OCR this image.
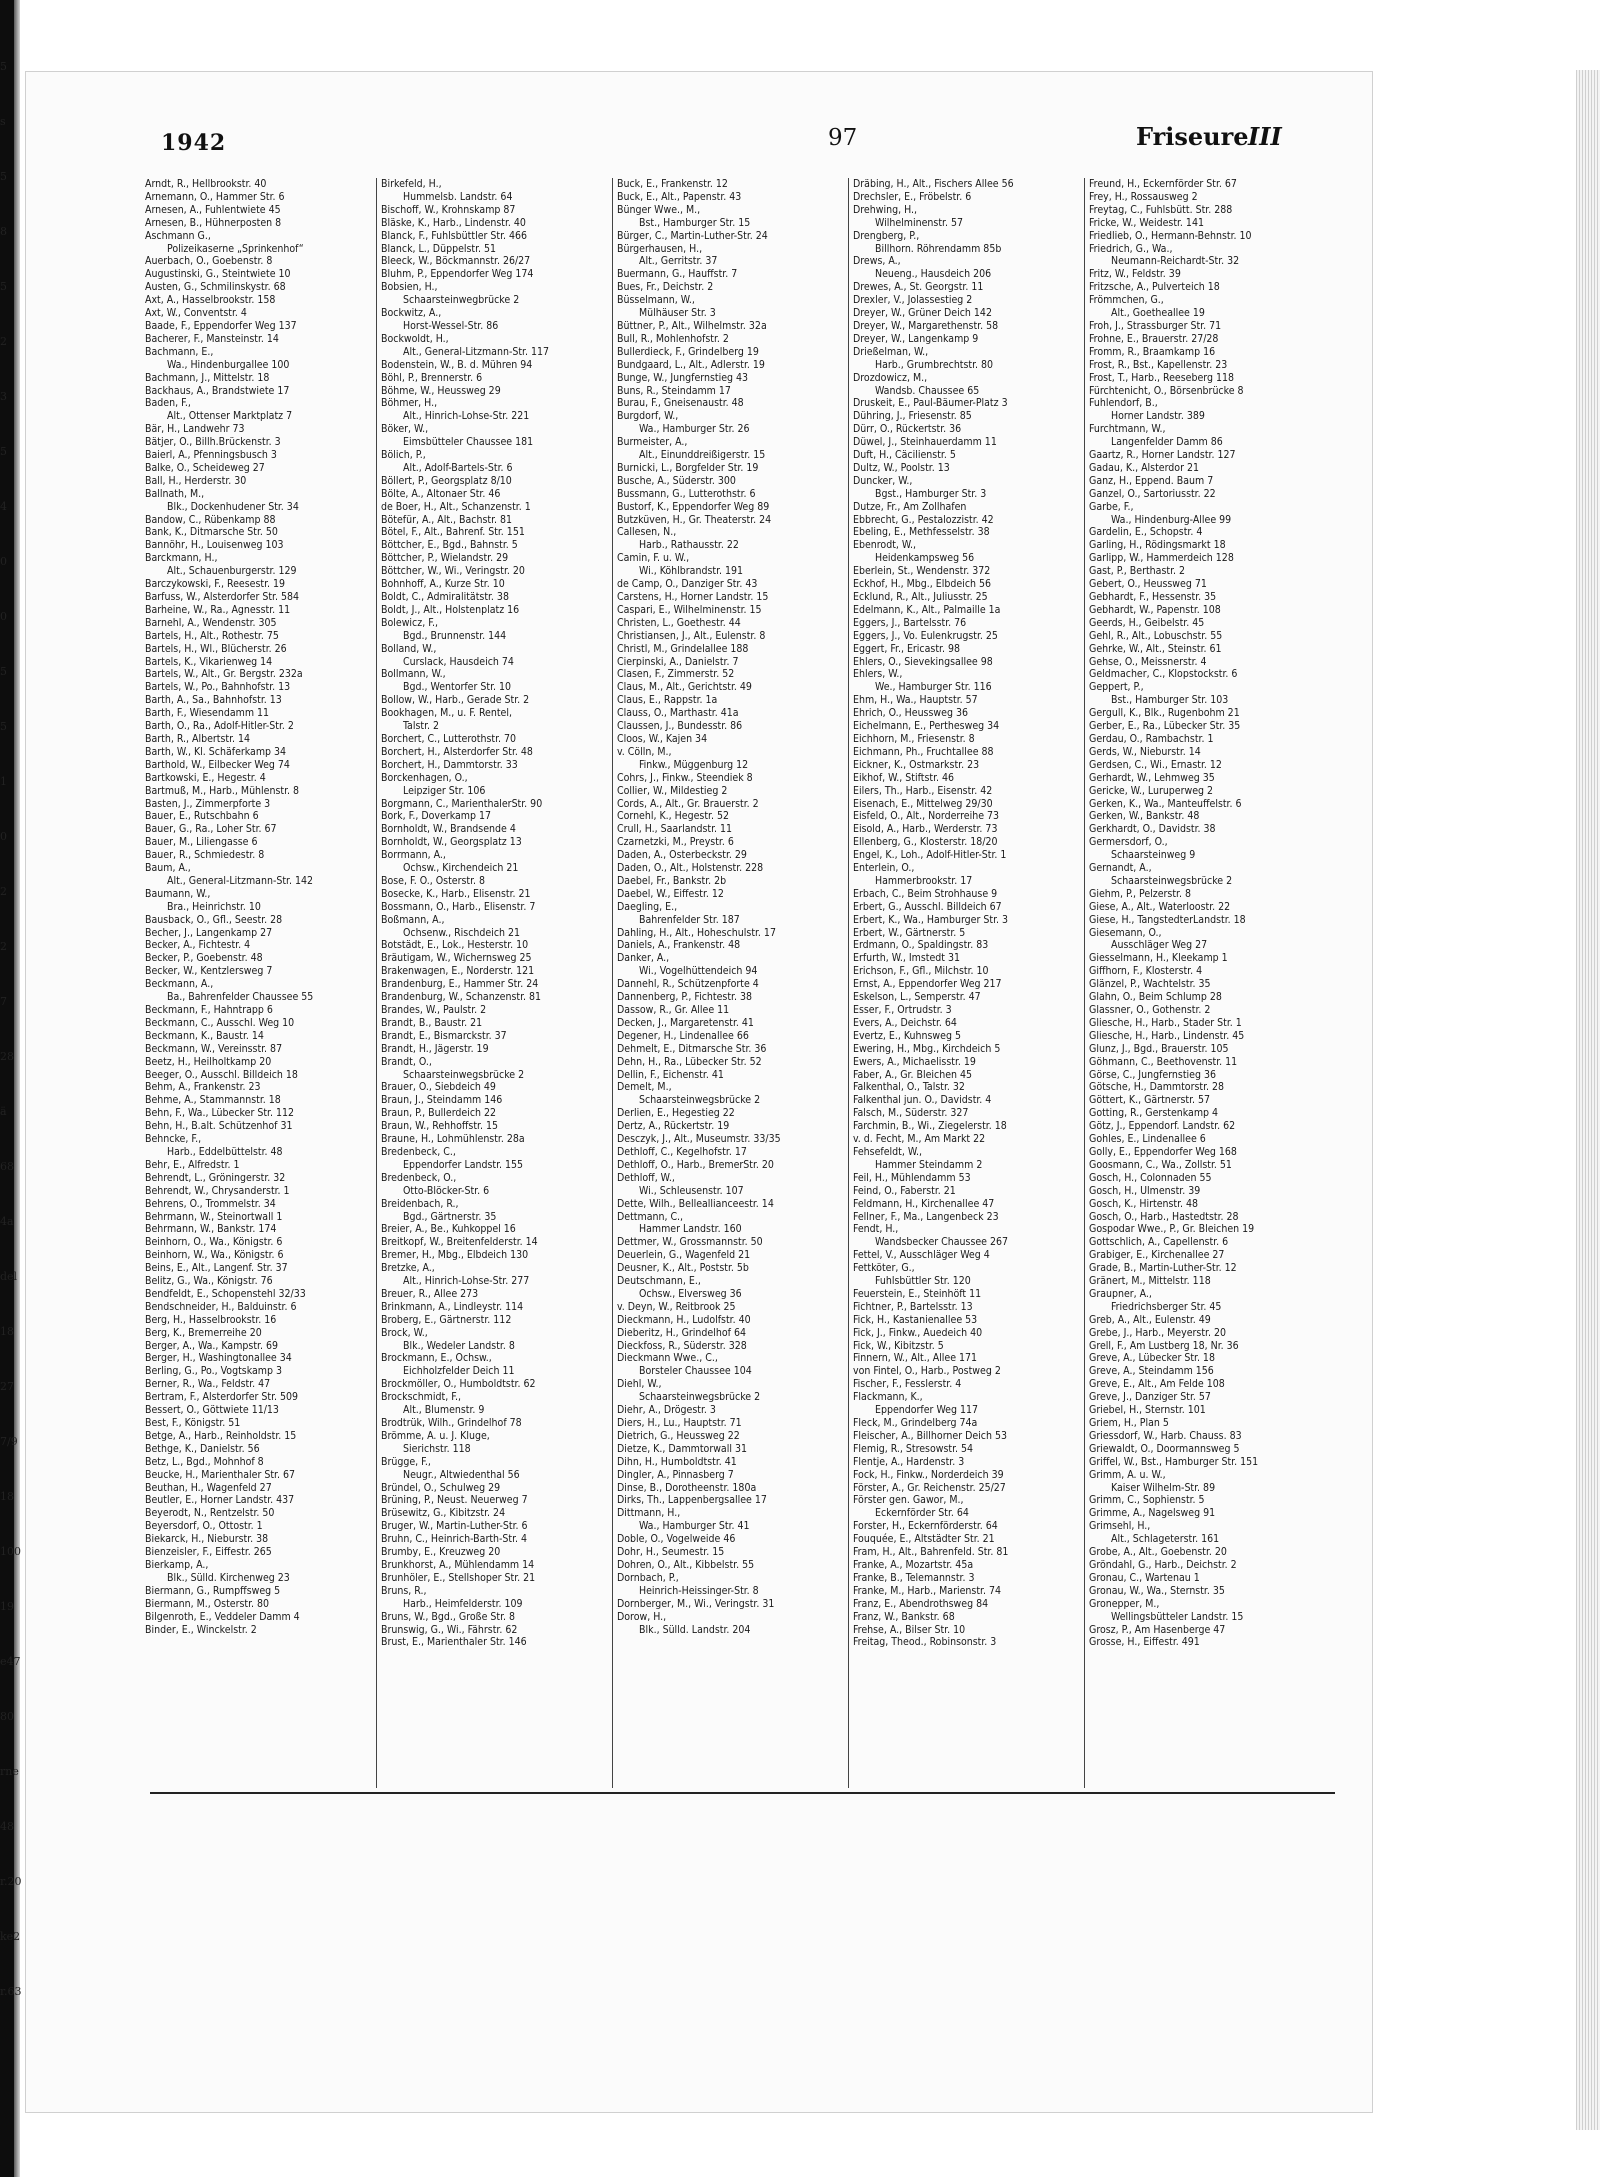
5
s
5
8
5
2
3
5
4
0
0
5
5
1
0
2
2
7
28
ä
68
4a
del
18
27
7/9
18
100
19
e47
80
rne
48
r.20
ke2
r.63
1942	97	Friseure III
Arndt, R., Hellbrookstr. 40
Arnemann, O., Hammer Str. 6
Arnesen, A., Fuhlentwiete 45
Arnesen, B., Hühnerposten 8
Aschmann G.,
Polizeikaserne „Sprinkenhof“
Auerbach, O., Goebenstr. 8
Augustinski, G., Steintwiete 10
Austen, G., Schmilinskystr. 68
Axt, A., Hasselbrookstr. 158
Axt, W., Conventstr. 4
Baade, F., Eppendorfer Weg 137
Bacherer, F., Mansteinstr. 14
Bachmann, E.,
Wa., Hindenburgallee 100
Bachmann, J., Mittelstr. 18
Backhaus, A., Brandstwiete 17
Baden, F.,
Alt., Ottenser Marktplatz 7
Bär, H., Landwehr 73
Bätjer, O., Billh.Brückenstr. 3
Baierl, A., Pfenningsbusch 3
Balke, O., Scheideweg 27
Ball, H., Herderstr. 30
Ballnath, M.,
Blk., Dockenhudener Str. 34
Bandow, C., Rübenkamp 88
Bank, K., Ditmarsche Str. 50
Bannöhr, H., Louisenweg 103
Barckmann, H.,
Alt., Schauenburgerstr. 129
Barczykowski, F., Reesestr. 19
Barfuss, W., Alsterdorfer Str. 584
Barheine, W., Ra., Agnesstr. 11
Barnehl, A., Wendenstr. 305
Bartels, H., Alt., Rothestr. 75
Bartels, H., Wl., Blücherstr. 26
Bartels, K., Vikarienweg 14
Bartels, W., Alt., Gr. Bergstr. 232a
Bartels, W., Po., Bahnhofstr. 13
Barth, A., Sa., Bahnhofstr. 13
Barth, F., Wiesendamm 11
Barth, O., Ra., Adolf-Hitler-Str. 2
Barth, R., Albertstr. 14
Barth, W., Kl. Schäferkamp 34
Barthold, W., Eilbecker Weg 74
Bartkowski, E., Hegestr. 4
Bartmuß, M., Harb., Mühlenstr. 8
Basten, J., Zimmerpforte 3
Bauer, E., Rutschbahn 6
Bauer, G., Ra., Loher Str. 67
Bauer, M., Liliengasse 6
Bauer, R., Schmiedestr. 8
Baum, A.,
Alt., General-Litzmann-Str. 142
Baumann, W.,
Bra., Heinrichstr. 10
Bausback, O., Gfl., Seestr. 28
Becher, J., Langenkamp 27
Becker, A., Fichtestr. 4
Becker, P., Goebenstr. 48
Becker, W., Kentzlersweg 7
Beckmann, A.,
Ba., Bahrenfelder Chaussee 55
Beckmann, F., Hahntrapp 6
Beckmann, C., Ausschl. Weg 10
Beckmann, K., Baustr. 14
Beckmann, W., Vereinsstr. 87
Beetz, H., Heilholtkamp 20
Beeger, O., Ausschl. Billdeich 18
Behm, A., Frankenstr. 23
Behme, A., Stammannstr. 18
Behn, F., Wa., Lübecker Str. 112
Behn, H., B.alt. Schützenhof 31
Behncke, F.,
Harb., Eddelbüttelstr. 48
Behr, E., Alfredstr. 1
Behrendt, L., Gröningerstr. 32
Behrendt, W., Chrysanderstr. 1
Behrens, O., Trommelstr. 34
Behrmann, W., Steinortwall 1
Behrmann, W., Bankstr. 174
Beinhorn, O., Wa., Königstr. 6
Beinhorn, W., Wa., Königstr. 6
Beins, E., Alt., Langenf. Str. 37
Belitz, G., Wa., Königstr. 76
Bendfeldt, E., Schopenstehl 32/33
Bendschneider, H., Balduinstr. 6
Berg, H., Hasselbrookstr. 16
Berg, K., Bremerreihe 20
Berger, A., Wa., Kampstr. 69
Berger, H., Washingtonallee 34
Berling, G., Po., Vogtskamp 3
Berner, R., Wa., Feldstr. 47
Bertram, F., Alsterdorfer Str. 509
Bessert, O., Göttwiete 11/13
Best, F., Königstr. 51
Betge, A., Harb., Reinholdstr. 15
Bethge, K., Danielstr. 56
Betz, L., Bgd., Mohnhof 8
Beucke, H., Marienthaler Str. 67
Beuthan, H., Wagenfeld 27
Beutler, E., Horner Landstr. 437
Beyerodt, N., Rentzelstr. 50
Beyersdorf, O., Ottostr. 1
Biekarck, H., Nieburstr. 38
Bienzeisler, F., Eiffestr. 265
Bierkamp, A.,
Blk., Sülld. Kirchenweg 23
Biermann, G., Rumpffsweg 5
Biermann, M., Osterstr. 80
Bilgenroth, E., Veddeler Damm 4
Binder, E., Winckelstr. 2
Birkefeld, H.,
Hummelsb. Landstr. 64
Bischoff, W., Krohnskamp 87
Bläske, K., Harb., Lindenstr. 40
Blanck, F., Fuhlsbüttler Str. 466
Blanck, L., Düppelstr. 51
Bleeck, W., Böckmannstr. 26/27
Bluhm, P., Eppendorfer Weg 174
Bobsien, H.,
Schaarsteinwegbrücke 2
Bockwitz, A.,
Horst-Wessel-Str. 86
Bockwoldt, H.,
Alt., General-Litzmann-Str. 117
Bodenstein, W., B. d. Mühren 94
Böhl, P., Brennerstr. 6
Böhme, W., Heussweg 29
Böhmer, H.,
Alt., Hinrich-Lohse-Str. 221
Böker, W.,
Eimsbütteler Chaussee 181
Bölich, P.,
Alt., Adolf-Bartels-Str. 6
Böllert, P., Georgsplatz 8/10
Bölte, A., Altonaer Str. 46
de Boer, H., Alt., Schanzenstr. 1
Bötefür, A., Alt., Bachstr. 81
Bötel, F., Alt., Bahrenf. Str. 151
Böttcher, E., Bgd., Bahnstr. 5
Böttcher, P., Wielandstr. 29
Böttcher, W., Wi., Veringstr. 20
Bohnhoff, A., Kurze Str. 10
Boldt, C., Admiralitätstr. 38
Boldt, J., Alt., Holstenplatz 16
Bolewicz, F.,
Bgd., Brunnenstr. 144
Bolland, W.,
Curslack, Hausdeich 74
Bollmann, W.,
Bgd., Wentorfer Str. 10
Bollow, W., Harb., Gerade Str. 2
Bookhagen, M., u. F. Rentel,
Talstr. 2
Borchert, C., Lutterothstr. 70
Borchert, H., Alsterdorfer Str. 48
Borchert, H., Dammtorstr. 33
Borckenhagen, O.,
Leipziger Str. 106
Borgmann, C., MarienthalerStr. 90
Bork, F., Doverkamp 17
Bornholdt, W., Brandsende 4
Bornholdt, W., Georgsplatz 13
Borrmann, A.,
Ochsw., Kirchendeich 21
Bose, F. O., Osterstr. 8
Bosecke, K., Harb., Elisenstr. 21
Bossmann, O., Harb., Elisenstr. 7
Boßmann, A.,
Ochsenw., Rischdeich 21
Botstädt, E., Lok., Hesterstr. 10
Bräutigam, W., Wichernsweg 25
Brakenwagen, E., Norderstr. 121
Brandenburg, E., Hammer Str. 24
Brandenburg, W., Schanzenstr. 81
Brandes, W., Paulstr. 2
Brandt, B., Baustr. 21
Brandt, E., Bismarckstr. 37
Brandt, H., Jägerstr. 19
Brandt, O.,
Schaarsteinwegsbrücke 2
Brauer, O., Siebdeich 49
Braun, J., Steindamm 146
Braun, P., Bullerdeich 22
Braun, W., Rehhoffstr. 15
Braune, H., Lohmühlenstr. 28a
Bredenbeck, C.,
Eppendorfer Landstr. 155
Bredenbeck, O.,
Otto-Blöcker-Str. 6
Breidenbach, R.,
Bgd., Gärtnerstr. 35
Breier, A., Be., Kuhkoppel 16
Breitkopf, W., Breitenfelderstr. 14
Bremer, H., Mbg., Elbdeich 130
Bretzke, A.,
Alt., Hinrich-Lohse-Str. 277
Breuer, R., Allee 273
Brinkmann, A., Lindleystr. 114
Broberg, E., Gärtnerstr. 112
Brock, W.,
Blk., Wedeler Landstr. 8
Brockmann, E., Ochsw.,
Eichholzfelder Deich 11
Brockmöller, O., Humboldtstr. 62
Brockschmidt, F.,
Alt., Blumenstr. 9
Brodtrük, Wilh., Grindelhof 78
Brömme, A. u. J. Kluge,
Sierichstr. 118
Brügge, F.,
Neugr., Altwiedenthal 56
Bründel, O., Schulweg 29
Brüning, P., Neust. Neuerweg 7
Brüsewitz, G., Kibitzstr. 24
Bruger, W., Martin-Luther-Str. 6
Bruhn, C., Heinrich-Barth-Str. 4
Brumby, E., Kreuzweg 20
Brunkhorst, A., Mühlendamm 14
Brunhöler, E., Stellshoper Str. 21
Bruns, R.,
Harb., Heimfelderstr. 109
Bruns, W., Bgd., Große Str. 8
Brunswig, G., Wi., Fährstr. 62
Brust, E., Marienthaler Str. 146
Buck, E., Frankenstr. 12
Buck, E., Alt., Papenstr. 43
Bünger Wwe., M.,
Bst., Hamburger Str. 15
Bürger, C., Martin-Luther-Str. 24
Bürgerhausen, H.,
Alt., Gerritstr. 37
Buermann, G., Hauffstr. 7
Bues, Fr., Deichstr. 2
Büsselmann, W.,
Mülhäuser Str. 3
Büttner, P., Alt., Wilhelmstr. 32a
Bull, R., Mohlenhofstr. 2
Bullerdieck, F., Grindelberg 19
Bundgaard, L., Alt., Adlerstr. 19
Bunge, W., Jungfernstieg 43
Buns, R., Steindamm 17
Burau, F., Gneisenaustr. 48
Burgdorf, W.,
Wa., Hamburger Str. 26
Burmeister, A.,
Alt., Einunddreißigerstr. 15
Burnicki, L., Borgfelder Str. 19
Busche, A., Süderstr. 300
Bussmann, G., Lutterothstr. 6
Bustorf, K., Eppendorfer Weg 89
Butzküven, H., Gr. Theaterstr. 24
Callesen, N.,
Harb., Rathausstr. 22
Camin, F. u. W.,
Wi., Köhlbrandstr. 191
de Camp, O., Danziger Str. 43
Carstens, H., Horner Landstr. 15
Caspari, E., Wilhelminenstr. 15
Christen, L., Goethestr. 44
Christiansen, J., Alt., Eulenstr. 8
Christl, M., Grindelallee 188
Cierpinski, A., Danielstr. 7
Clasen, F., Zimmerstr. 52
Claus, M., Alt., Gerichtstr. 49
Claus, E., Rappstr. 1a
Clauss, O., Marthastr. 41a
Claussen, J., Bundesstr. 86
Cloos, W., Kajen 34
v. Cölln, M.,
Finkw., Müggenburg 12
Cohrs, J., Finkw., Steendiek 8
Collier, W., Mildestieg 2
Cords, A., Alt., Gr. Brauerstr. 2
Cornehl, K., Hegestr. 52
Crull, H., Saarlandstr. 11
Czarnetzki, M., Preystr. 6
Daden, A., Osterbeckstr. 29
Daden, O., Alt., Holstenstr. 228
Daebel, Fr., Bankstr. 2b
Daebel, W., Eiffestr. 12
Daegling, E.,
Bahrenfelder Str. 187
Dahling, H., Alt., Hoheschulstr. 17
Daniels, A., Frankenstr. 48
Danker, A.,
Wi., Vogelhüttendeich 94
Dannehl, R., Schützenpforte 4
Dannenberg, P., Fichtestr. 38
Dassow, R., Gr. Allee 11
Decken, J., Margaretenstr. 41
Degener, H., Lindenallee 66
Dehmelt, E., Ditmarsche Str. 36
Dehn, H., Ra., Lübecker Str. 52
Dellin, F., Eichenstr. 41
Demelt, M.,
Schaarsteinwegsbrücke 2
Derlien, E., Hegestieg 22
Dertz, A., Rückertstr. 19
Desczyk, J., Alt., Museumstr. 33/35
Dethloff, C., Kegelhofstr. 17
Dethloff, O., Harb., BremerStr. 20
Dethloff, W.,
Wi., Schleusenstr. 107
Dette, Wilh., Belleallianceestr. 14
Dettmann, C.,
Hammer Landstr. 160
Dettmer, W., Grossmannstr. 50
Deuerlein, G., Wagenfeld 21
Deusner, K., Alt., Poststr. 5b
Deutschmann, E.,
Ochsw., Elversweg 36
v. Deyn, W., Reitbrook 25
Dieckmann, H., Ludolfstr. 40
Dieberitz, H., Grindelhof 64
Dieckfoss, R., Süderstr. 328
Dieckmann Wwe., C.,
Borsteler Chaussee 104
Diehl, W.,
Schaarsteinwegsbrücke 2
Diehr, A., Drögestr. 3
Diers, H., Lu., Hauptstr. 71
Dietrich, G., Heussweg 22
Dietze, K., Dammtorwall 31
Dihn, H., Humboldtstr. 41
Dingler, A., Pinnasberg 7
Dinse, B., Dorotheenstr. 180a
Dirks, Th., Lappenbergsallee 17
Dittmann, H.,
Wa., Hamburger Str. 41
Doble, O., Vogelweide 46
Dohr, H., Seumestr. 15
Dohren, O., Alt., Kibbelstr. 55
Dornbach, P.,
Heinrich-Heissinger-Str. 8
Dornberger, M., Wi., Veringstr. 31
Dorow, H.,
Blk., Sülld. Landstr. 204
Dräbing, H., Alt., Fischers Allee 56
Drechsler, E., Fröbelstr. 6
Drehwing, H.,
Wilhelminenstr. 57
Drengberg, P.,
Billhorn. Röhrendamm 85b
Drews, A.,
Neueng., Hausdeich 206
Drewes, A., St. Georgstr. 11
Drexler, V., Jolassestieg 2
Dreyer, W., Grüner Deich 142
Dreyer, W., Margarethenstr. 58
Dreyer, W., Langenkamp 9
Drießelman, W.,
Harb., Grumbrechtstr. 80
Drozdowicz, M.,
Wandsb. Chaussee 65
Druskeit, E., Paul-Bäumer-Platz 3
Dühring, J., Friesenstr. 85
Dürr, O., Rückertstr. 36
Düwel, J., Steinhauerdamm 11
Duft, H., Cäcilienstr. 5
Dultz, W., Poolstr. 13
Duncker, W.,
Bgst., Hamburger Str. 3
Dutze, Fr., Am Zollhafen
Ebbrecht, G., Pestalozzistr. 42
Ebeling, E., Methfesselstr. 38
Ebenrodt, W.,
Heidenkampsweg 56
Eberlein, St., Wendenstr. 372
Eckhof, H., Mbg., Elbdeich 56
Ecklund, R., Alt., Juliusstr. 25
Edelmann, K., Alt., Palmaille 1a
Eggers, J., Bartelsstr. 76
Eggers, J., Vo. Eulenkrugstr. 25
Eggert, Fr., Ericastr. 98
Ehlers, O., Sievekingsallee 98
Ehlers, W.,
We., Hamburger Str. 116
Ehm, H., Wa., Hauptstr. 57
Ehrich, O., Heussweg 36
Eichelmann, E., Perthesweg 34
Eichhorn, M., Friesenstr. 8
Eichmann, Ph., Fruchtallee 88
Eickner, K., Ostmarkstr. 23
Eikhof, W., Stiftstr. 46
Eilers, Th., Harb., Eisenstr. 42
Eisenach, E., Mittelweg 29/30
Eisfeld, O., Alt., Norderreihe 73
Eisold, A., Harb., Werderstr. 73
Ellenberg, G., Klosterstr. 18/20
Engel, K., Loh., Adolf-Hitler-Str. 1
Enterlein, O.,
Hammerbrookstr. 17
Erbach, C., Beim Strohhause 9
Erbert, G., Ausschl. Billdeich 67
Erbert, K., Wa., Hamburger Str. 3
Erbert, W., Gärtnerstr. 5
Erdmann, O., Spaldingstr. 83
Erfurth, W., Imstedt 31
Erichson, F., Gfl., Milchstr. 10
Ernst, A., Eppendorfer Weg 217
Eskelson, L., Semperstr. 47
Esser, F., Ortrudstr. 3
Evers, A., Deichstr. 64
Evertz, E., Kuhnsweg 5
Ewering, H., Mbg., Kirchdeich 5
Ewers, A., Michaelisstr. 19
Faber, A., Gr. Bleichen 45
Falkenthal, O., Talstr. 32
Falkenthal jun. O., Davidstr. 4
Falsch, M., Süderstr. 327
Farchmin, B., Wi., Ziegelerstr. 18
v. d. Fecht, M., Am Markt 22
Fehsefeldt, W.,
Hammer Steindamm 2
Feil, H., Mühlendamm 53
Feind, O., Faberstr. 21
Feldmann, H., Kirchenallee 47
Fellner, F., Ma., Langenbeck 23
Fendt, H.,
Wandsbecker Chaussee 267
Fettel, V., Ausschläger Weg 4
Fettköter, G.,
Fuhlsbüttler Str. 120
Feuerstein, E., Steinhöft 11
Fichtner, P., Bartelsstr. 13
Fick, H., Kastanienallee 53
Fick, J., Finkw., Auedeich 40
Fick, W., Kibitzstr. 5
Finnern, W., Alt., Allee 171
von Fintel, O., Harb., Postweg 2
Fischer, F., Fesslerstr. 4
Flackmann, K.,
Eppendorfer Weg 117
Fleck, M., Grindelberg 74a
Fleischer, A., Billhorner Deich 53
Flemig, R., Stresowstr. 54
Flentje, A., Hardenstr. 3
Fock, H., Finkw., Norderdeich 39
Förster, A., Gr. Reichenstr. 25/27
Förster gen. Gawor, M.,
Eckernförder Str. 64
Forster, H., Eckernförderstr. 64
Fouquée, E., Altstädter Str. 21
Fram, H., Alt., Bahrenfeld. Str. 81
Franke, A., Mozartstr. 45a
Franke, B., Telemannstr. 3
Franke, M., Harb., Marienstr. 74
Franz, E., Abendrothsweg 84
Franz, W., Bankstr. 68
Frehse, A., Bilser Str. 10
Freitag, Theod., Robinsonstr. 3
Freund, H., Eckernförder Str. 67
Frey, H., Rossausweg 2
Freytag, C., Fuhlsbütt. Str. 288
Fricke, W., Weidestr. 141
Friedlieb, O., Hermann-Behnstr. 10
Friedrich, G., Wa.,
Neumann-Reichardt-Str. 32
Fritz, W., Feldstr. 39
Fritzsche, A., Pulverteich 18
Frömmchen, G.,
Alt., Goetheallee 19
Froh, J., Strassburger Str. 71
Frohne, E., Brauerstr. 27/28
Fromm, R., Braamkamp 16
Frost, R., Bst., Kapellenstr. 23
Frost, T., Harb., Reeseberg 118
Fürchtenicht, O., Börsenbrücke 8
Fuhlendorf, B.,
Horner Landstr. 389
Furchtmann, W.,
Langenfelder Damm 86
Gaartz, R., Horner Landstr. 127
Gadau, K., Alsterdor 21
Ganz, H., Eppend. Baum 7
Ganzel, O., Sartoriusstr. 22
Garbe, F.,
Wa., Hindenburg-Allee 99
Gardelin, E., Schopstr. 4
Garling, H., Rödingsmarkt 18
Garlipp, W., Hammerdeich 128
Gast, P., Berthastr. 2
Gebert, O., Heussweg 71
Gebhardt, F., Hessenstr. 35
Gebhardt, W., Papenstr. 108
Geerds, H., Geibelstr. 45
Gehl, R., Alt., Lobuschstr. 55
Gehrke, W., Alt., Steinstr. 61
Gehse, O., Meissnerstr. 4
Geldmacher, C., Klopstockstr. 6
Geppert, P.,
Bst., Hamburger Str. 103
Gergull, K., Blk., Rugenbohm 21
Gerber, E., Ra., Lübecker Str. 35
Gerdau, O., Rambachstr. 1
Gerds, W., Nieburstr. 14
Gerdsen, C., Wi., Ernastr. 12
Gerhardt, W., Lehmweg 35
Gericke, W., Luruperweg 2
Gerken, K., Wa., Manteuffelstr. 6
Gerken, W., Bankstr. 48
Gerkhardt, O., Davidstr. 38
Germersdorf, O.,
Schaarsteinweg 9
Gernandt, A.,
Schaarsteinwegsbrücke 2
Giehm, P., Pelzerstr. 8
Giese, A., Alt., Waterloostr. 22
Giese, H., TangstedterLandstr. 18
Giesemann, O.,
Ausschläger Weg 27
Giesselmann, H., Kleekamp 1
Giffhorn, F., Klosterstr. 4
Glänzel, P., Wachtelstr. 35
Glahn, O., Beim Schlump 28
Glassner, O., Gothenstr. 2
Gliesche, H., Harb., Stader Str. 1
Gliesche, H., Harb., Lindenstr. 45
Glunz, J., Bgd., Brauerstr. 105
Göhmann, C., Beethovenstr. 11
Görse, C., Jungfernstieg 36
Götsche, H., Dammtorstr. 28
Göttert, K., Gärtnerstr. 57
Gotting, R., Gerstenkamp 4
Götz, J., Eppendorf. Landstr. 62
Gohles, E., Lindenallee 6
Golly, E., Eppendorfer Weg 168
Goosmann, C., Wa., Zollstr. 51
Gosch, H., Colonnaden 55
Gosch, H., Ulmenstr. 39
Gosch, K., Hirtenstr. 48
Gosch, O., Harb., Hastedtstr. 28
Gospodar Wwe., P., Gr. Bleichen 19
Gottschlich, A., Capellenstr. 6
Grabiger, E., Kirchenallee 27
Grade, B., Martin-Luther-Str. 12
Gränert, M., Mittelstr. 118
Graupner, A.,
Friedrichsberger Str. 45
Greb, A., Alt., Eulenstr. 49
Grebe, J., Harb., Meyerstr. 20
Grell, F., Am Lustberg 18, Nr. 36
Greve, A., Lübecker Str. 18
Greve, A., Steindamm 156
Greve, E., Alt., Am Felde 108
Greve, J., Danziger Str. 57
Griebel, H., Sternstr. 101
Griem, H., Plan 5
Griessdorf, W., Harb. Chauss. 83
Griewaldt, O., Doormannsweg 5
Griffel, W., Bst., Hamburger Str. 151
Grimm, A. u. W.,
Kaiser Wilhelm-Str. 89
Grimm, C., Sophienstr. 5
Grimme, A., Nagelsweg 91
Grimsehl, H.,
Alt., Schlageterstr. 161
Grobe, A., Alt., Goebenstr. 20
Gröndahl, G., Harb., Deichstr. 2
Gronau, C., Wartenau 1
Gronau, W., Wa., Sternstr. 35
Gronepper, M.,
Wellingsbütteler Landstr. 15
Grosz, P., Am Hasenberge 47
Grosse, H., Eiffestr. 491
